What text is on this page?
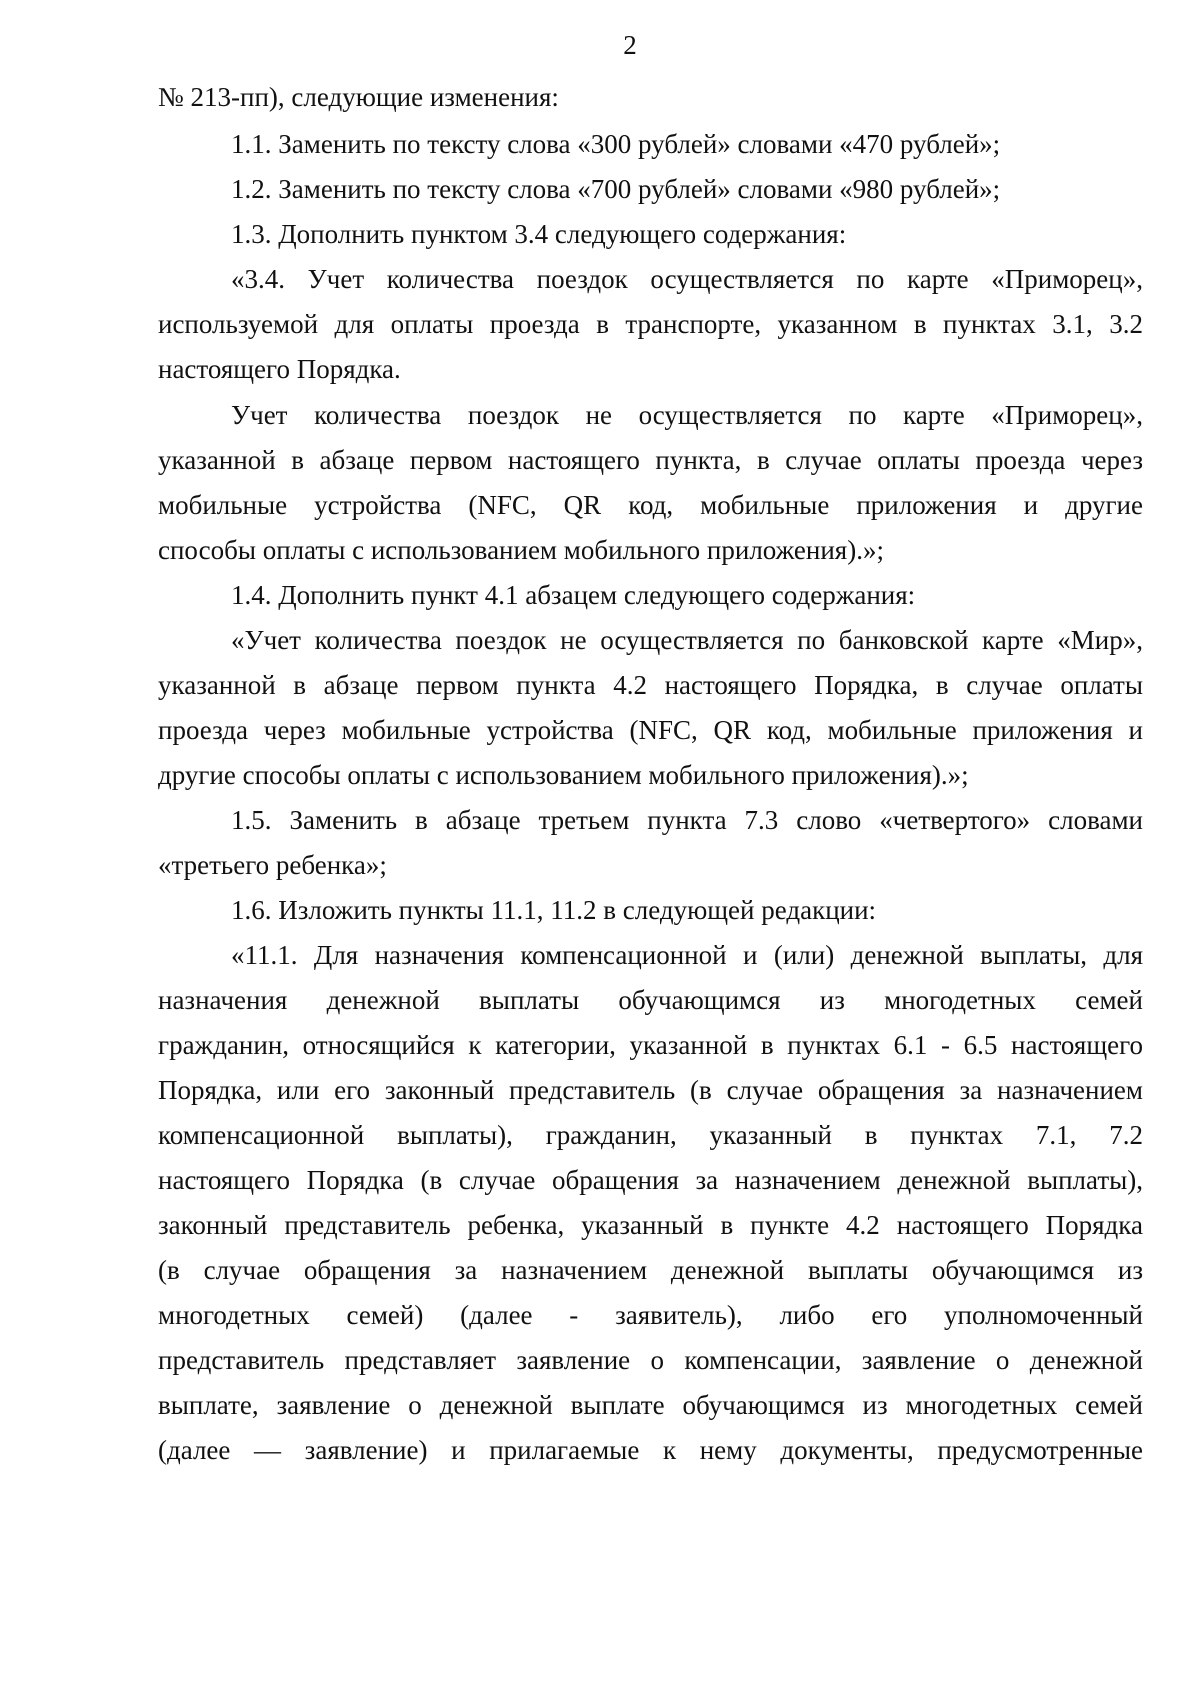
2
№ 213-пп), следующие изменения:
1.1. Заменить по тексту слова «300 рублей» словами «470 рублей»;
1.2. Заменить по тексту слова «700 рублей» словами «980 рублей»;
1.3. Дополнить пунктом 3.4 следующего содержания:
«3.4. Учет количества поездок осуществляется по карте «Приморец»,
используемой для оплаты проезда в транспорте, указанном в пунктах 3.1, 3.2
настоящего Порядка.
Учет количества поездок не осуществляется по карте «Приморец»,
указанной в абзаце первом настоящего пункта, в случае оплаты проезда через
мобильные устройства (NFC, QR код, мобильные приложения и другие
способы оплаты с использованием мобильного приложения).»;
1.4. Дополнить пункт 4.1 абзацем следующего содержания:
«Учет количества поездок не осуществляется по банковской карте «Мир»,
указанной в абзаце первом пункта 4.2 настоящего Порядка, в случае оплаты
проезда через мобильные устройства (NFC, QR код, мобильные приложения и
другие способы оплаты с использованием мобильного приложения).»;
1.5. Заменить в абзаце третьем пункта 7.3 слово «четвертого» словами
«третьего ребенка»;
1.6. Изложить пункты 11.1, 11.2 в следующей редакции:
«11.1. Для назначения компенсационной и (или) денежной выплаты, для
назначения денежной выплаты обучающимся из многодетных семей
гражданин, относящийся к категории, указанной в пунктах 6.1 - 6.5 настоящего
Порядка, или его законный представитель (в случае обращения за назначением
компенсационной выплаты), гражданин, указанный в пунктах 7.1, 7.2
настоящего Порядка (в случае обращения за назначением денежной выплаты),
законный представитель ребенка, указанный в пункте 4.2 настоящего Порядка
(в случае обращения за назначением денежной выплаты обучающимся из
многодетных семей) (далее - заявитель), либо его уполномоченный
представитель представляет заявление о компенсации, заявление о денежной
выплате, заявление о денежной выплате обучающимся из многодетных семей
(далее — заявление) и прилагаемые к нему документы, предусмотренные
